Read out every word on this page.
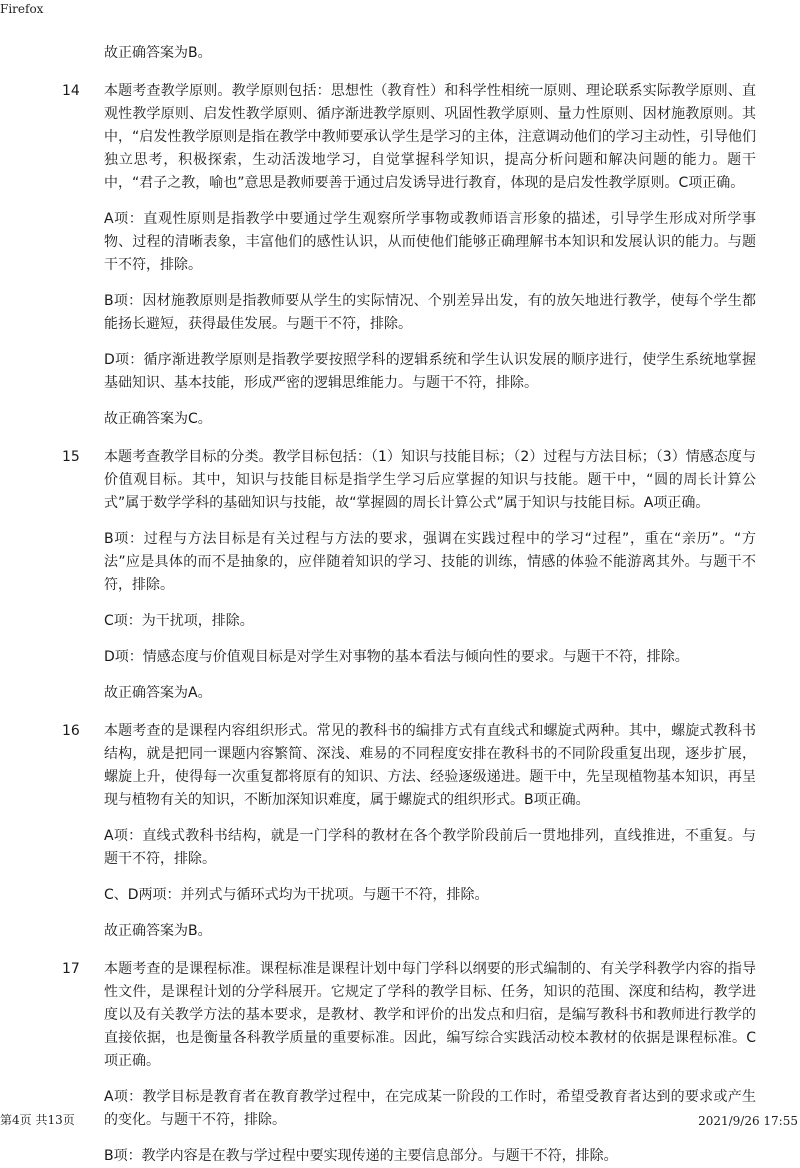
Firefox
故正确答案为B。
14 本题考查教学原则。教学原则包括：思想性（教育性）和科学性相统一原则、理论联系实际教学原则、直观性教学原则、启发性教学原则、循序渐进教学原则、巩固性教学原则、量力性原则、因材施教原则。其中，“启发性教学原则是指在教学中教师要承认学生是学习的主体，注意调动他们的学习主动性，引导他们独立思考，积极探索，生动活泼地学习，自觉掌握科学知识，提高分析问题和解决问题的能力。题干中，“君子之教，喻也”意思是教师要善于通过启发诱导进行教育，体现的是启发性教学原则。C项正确。

A项：直观性原则是指教学中要通过学生观察所学事物或教师语言形象的描述，引导学生形成对所学事物、过程的清晰表象，丰富他们的感性认识，从而使他们能够正确理解书本知识和发展认识的能力。与题干不符，排除。

B项：因材施教原则是指教师要从学生的实际情况、个别差异出发，有的放矢地进行教学，使每个学生都能扬长避短，获得最佳发展。与题干不符，排除。

D项：循序渐进教学原则是指教学要按照学科的逻辑系统和学生认识发展的顺序进行，使学生系统地掌握基础知识、基本技能，形成严密的逻辑思维能力。与题干不符，排除。

故正确答案为C。

15 本题考查教学目标的分类。教学目标包括：（1）知识与技能目标；（2）过程与方法目标；（3）情感态度与价值观目标。其中，知识与技能目标是指学生学习后应掌握的知识与技能。题干中，“圆的周长计算公式”属于数学学科的基础知识与技能，故“掌握圆的周长计算公式”属于知识与技能目标。A项正确。

B项：过程与方法目标是有关过程与方法的要求，强调在实践过程中的学习“过程”，重在“亲历”。“方法”应是具体的而不是抽象的，应伴随着知识的学习、技能的训练，情感的体验不能游离其外。与题干不符，排除。

C项：为干扰项，排除。

D项：情感态度与价值观目标是对学生对事物的基本看法与倾向性的要求。与题干不符，排除。

故正确答案为A。

16 本题考查的是课程内容组织形式。常见的教科书的编排方式有直线式和螺旋式两种。其中，螺旋式教科书结构，就是把同一课题内容繁简、深浅、难易的不同程度安排在教科书的不同阶段重复出现，逐步扩展，螺旋上升，使得每一次重复都将原有的知识、方法、经验逐级递进。题干中，先呈现植物基本知识，再呈现与植物有关的知识，不断加深知识难度，属于螺旋式的组织形式。B项正确。

A项：直线式教科书结构，就是一门学科的教材在各个教学阶段前后一贯地排列，直线推进，不重复。与题干不符，排除。

C、D两项：并列式与循环式均为干扰项。与题干不符，排除。

故正确答案为B。

17 本题考查的是课程标准。课程标准是课程计划中每门学科以纲要的形式编制的、有关学科教学内容的指导性文件，是课程计划的分学科展开。它规定了学科的教学目标、任务，知识的范围、深度和结构，教学进度以及有关教学方法的基本要求，是教材、教学和评价的出发点和归宿，是编写教科书和教师进行教学的直接依据，也是衡量各科教学质量的重要标准。因此，编写综合实践活动校本教材的依据是课程标准。C项正确。

A项：教学目标是教育者在教育教学过程中，在完成某一阶段的工作时，希望受教育者达到的要求或产生的变化。与题干不符，排除。

B项：教学内容是在教与学过程中要实现传递的主要信息部分。与题干不符，排除。

第4页 共13页	2021/9/26 17:55
